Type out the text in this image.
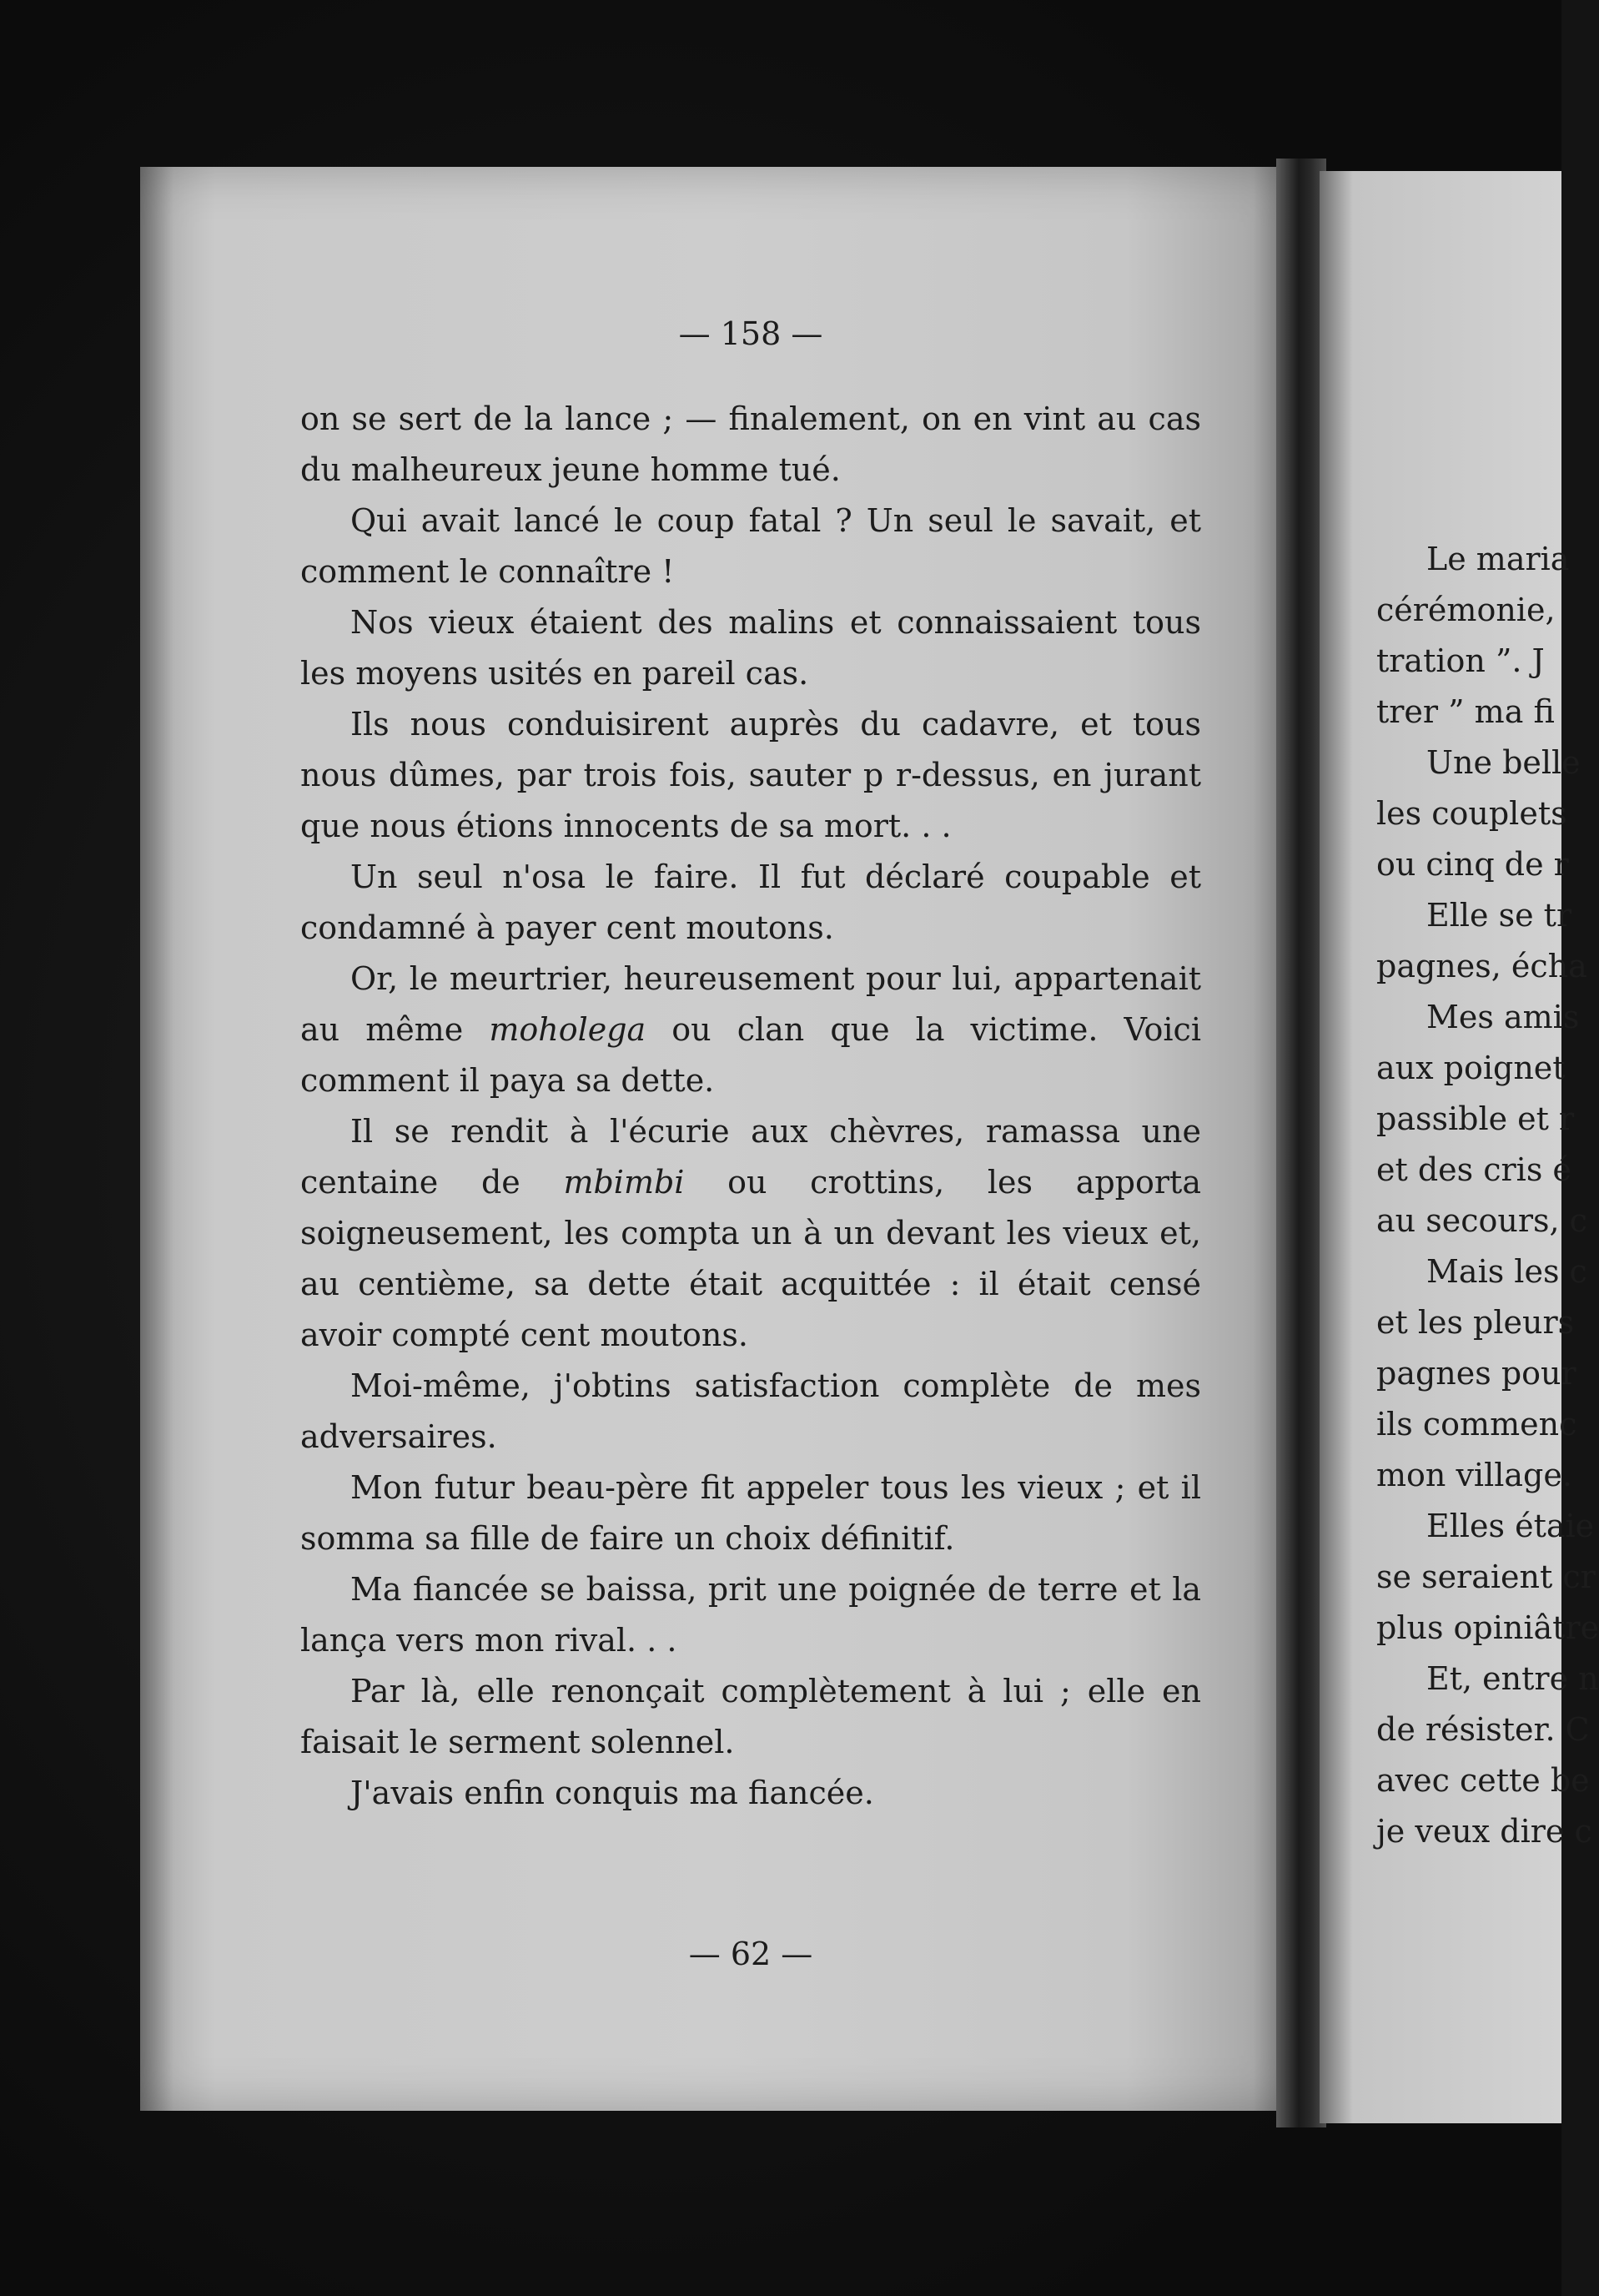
— 158 —

on se sert de la lance ; — finalement, on en vint au cas du malheureux jeune homme tué.

Qui avait lancé le coup fatal ? Un seul le savait, et comment le connaître !

Nos vieux étaient des malins et connaissaient tous les moyens usités en pareil cas.

Ils nous conduisirent auprès du cadavre, et tous nous dûmes, par trois fois, sauter p r-dessus, en jurant que nous étions innocents de sa mort. . .

Un seul n'osa le faire. Il fut déclaré coupable et condamné à payer cent moutons.

Or, le meurtrier, heureusement pour lui, appartenait au même moholega ou clan que la victime. Voici comment il paya sa dette.

Il se rendit à l'écurie aux chèvres, ramassa une centaine de mbimbi ou crottins, les apporta soigneusement, les compta un à un devant les vieux et, au centième, sa dette était acquittée : il était censé avoir compté cent moutons.

Moi-même, j'obtins satisfaction complète de mes adversaires.

Mon futur beau-père fit appeler tous les vieux ; et il somma sa fille de faire un choix définitif.

Ma fiancée se baissa, prit une poignée de terre et la lança vers mon rival. . .

Par là, elle renonçait complètement à lui ; elle en faisait le serment solennel.

J'avais enfin conquis ma fiancée.

— 62 —
Le maria
cérémonie,
tration ”. J
trer ” ma fi
Une belle
les couplets
ou cinq de r
Elle se tr
pagnes, écha
Mes amis
aux poignet
passible et r
et des cris é
au secours, c
Mais les c
et les pleurs
pagnes pour
ils commenc
mon village.
Elles étaie
se seraient cr
plus opiniâtre
Et, entre n
de résister. C
avec cette be
je veux dire c
